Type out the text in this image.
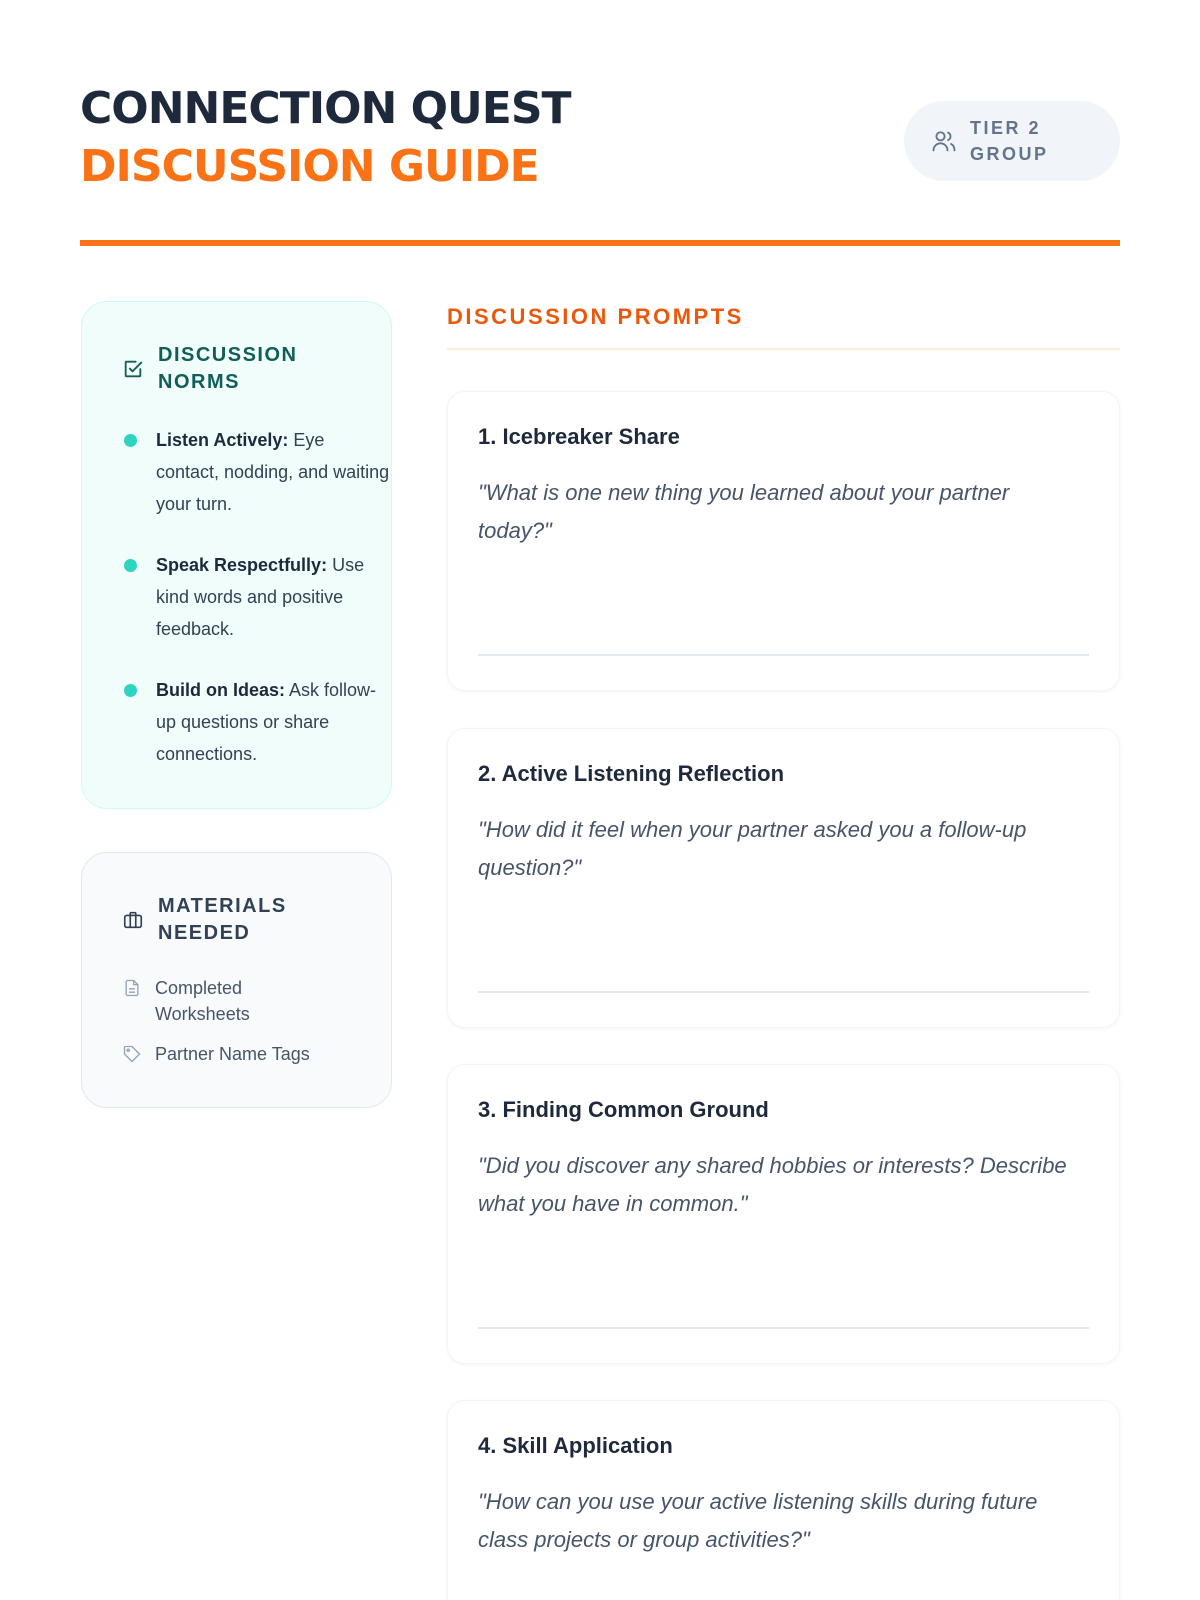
CONNECTION QUEST
DISCUSSION GUIDE
TIER 2
GROUP
DISCUSSION
NORMS
Listen Actively: Eye contact, nodding, and waiting your turn.
Speak Respectfully: Use kind words and positive feedback.
Build on Ideas: Ask follow-up questions or share connections.
MATERIALS
NEEDED
Completed Worksheets
Partner Name Tags
DISCUSSION PROMPTS
1. Icebreaker Share
"What is one new thing you learned about your partner today?"
2. Active Listening Reflection
"How did it feel when your partner asked you a follow-up question?"
3. Finding Common Ground
"Did you discover any shared hobbies or interests? Describe what you have in common."
4. Skill Application
"How can you use your active listening skills during future class projects or group activities?"
